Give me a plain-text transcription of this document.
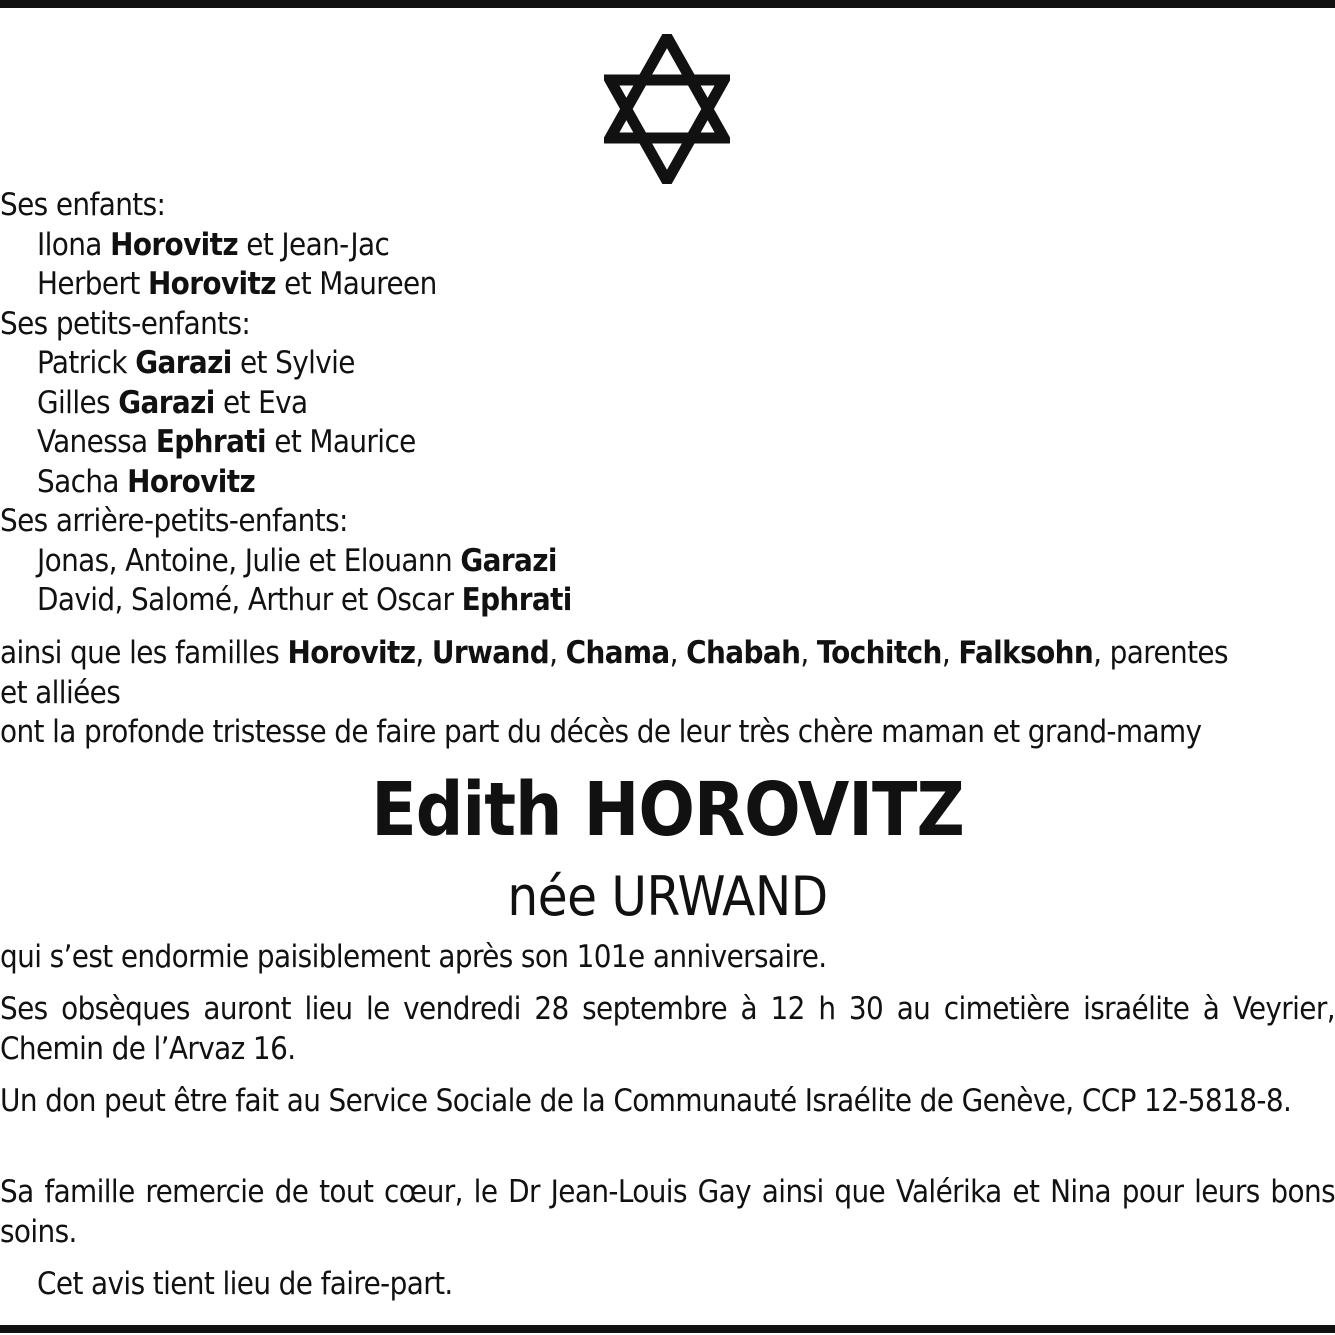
Ses enfants:
Ilona Horovitz et Jean-Jac
Herbert Horovitz et Maureen
Ses petits-enfants:
Patrick Garazi et Sylvie
Gilles Garazi et Eva
Vanessa Ephrati et Maurice
Sacha Horovitz
Ses arrière-petits-enfants:
Jonas, Antoine, Julie et Elouann Garazi
David, Salomé, Arthur et Oscar Ephrati
ainsi que les familles Horovitz, Urwand, Chama, Chabah, Tochitch, Falksohn, parentes
et alliées
ont la profonde tristesse de faire part du décès de leur très chère maman et grand-mamy
Edith HOROVITZ
née URWAND
qui s’est endormie paisiblement après son 101e anniversaire.
Ses obsèques auront lieu le vendredi 28 septembre à 12 h 30 au cimetière israélite à Veyrier, Chemin de l’Arvaz 16.
Un don peut être fait au Service Sociale de la Communauté Israélite de Genève, CCP 12-5818-8.
Sa famille remercie de tout cœur, le Dr Jean-Louis Gay ainsi que Valérika et Nina pour leurs bons soins.
Cet avis tient lieu de faire-part.
